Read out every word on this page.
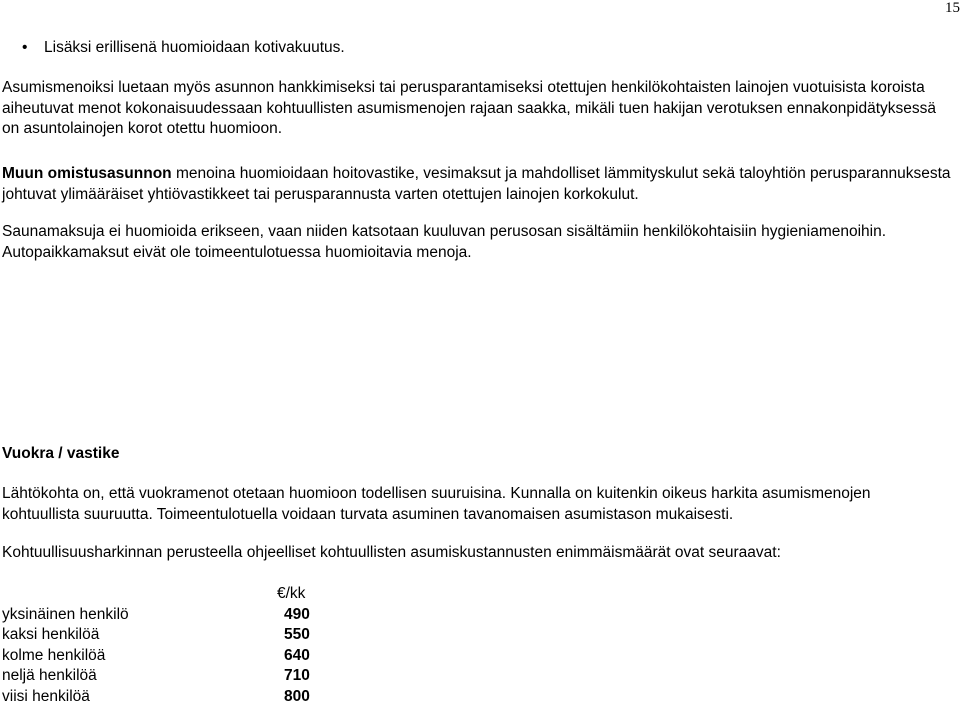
15
• Lisäksi erillisenä huomioidaan kotivakuutus.

Asumismenoiksi luetaan myös asunnon hankkimiseksi tai perusparantamiseksi otettujen henkilökohtaisten lainojen vuotuisista koroista aiheutuvat menot kokonaisuudessaan kohtuullisten asumismenojen rajaan saakka, mikäli tuen hakijan verotuksen ennakonpidätyksessä on asuntolainojen korot otettu huomioon.

Muun omistusasunnon menoina huomioidaan hoitovastike, vesimaksut ja mahdolliset lämmityskulut sekä taloyhtiön perusparannuksesta johtuvat ylimääräiset yhtiövastikkeet tai perusparannusta varten otettujen lainojen korkokulut.

Saunamaksuja ei huomioida erikseen, vaan niiden katsotaan kuuluvan perusosan sisältämiin henkilökohtaisiin hygieniamenoihin. Autopaikkamaksut eivät ole toimeentulotuessa huomioitavia menoja.

Vuokra / vastike

Lähtökohta on, että vuokramenot otetaan huomioon todellisen suuruisina. Kunnalla on kuitenkin oikeus harkita asumismenojen kohtuullista suuruutta. Toimeentulotuella voidaan turvata asuminen tavanomaisen asumistason mukaisesti.

Kohtuullisuusharkinnan perusteella ohjeelliset kohtuullisten asumiskustannusten enimmäismäärät ovat seuraavat:

€/kk
yksinäinen henkilö	490
kaksi henkilöä	550
kolme henkilöä	640
neljä henkilöä	710
viisi henkilöä	800
